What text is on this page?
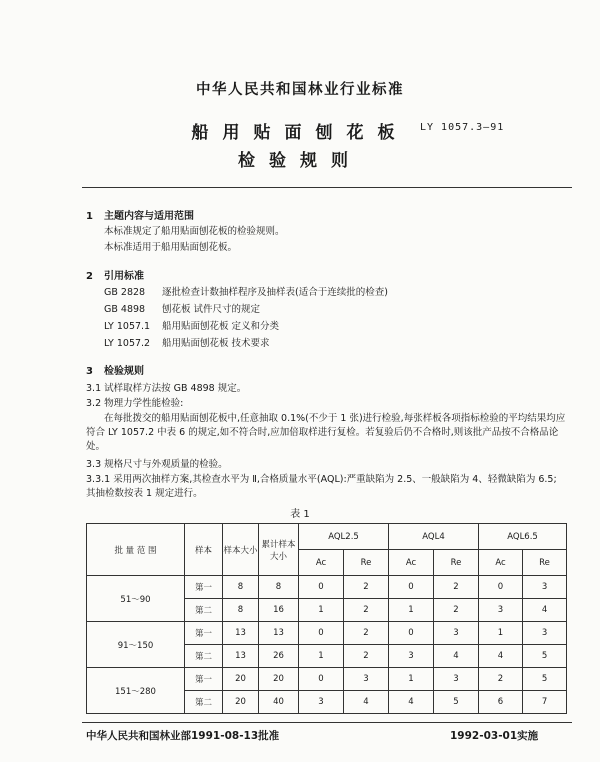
中华人民共和国林业行业标准
LY 1057.3—91
船用贴面刨花板
检验规则
1 主题内容与适用范围
本标准规定了船用贴面刨花板的检验规则。
本标准适用于船用贴面刨花板。
2 引用标准
GB 2828 逐批检查计数抽样程序及抽样表(适合于连续批的检查)
GB 4898 刨花板 试件尺寸的规定
LY 1057.1 船用贴面刨花板 定义和分类
LY 1057.2 船用贴面刨花板 技术要求
3 检验规则
3.1 试样取样方法按 GB 4898 规定。
3.2 物理力学性能检验:
在每批拨交的船用贴面刨花板中,任意抽取 0.1%(不少于 1 张)进行检验,每张样板各项指标检验的平均结果均应符合 LY 1057.2 中表 6 的规定,如不符合时,应加倍取样进行复检。若复验后仍不合格时,则该批产品按不合格品论处。
3.3 规格尺寸与外观质量的检验。
3.3.1 采用两次抽样方案,其检查水平为 Ⅱ,合格质量水平(AQL):严重缺陷为 2.5、一般缺陷为 4、轻微缺陷为 6.5;其抽检数按表 1 规定进行。
表 1
批 量 范 围	样本	样本大小	累计样本大小	AQL2.5		AQL4		AQL6.5	
				Ac	Re	Ac	Re	Ac	Re
51～90	第一	8	8	0	2	0	2	0	3
	第二	8	16	1	2	1	2	3	4
91～150	第一	13	13	0	2	0	3	1	3
	第二	13	26	1	2	3	4	4	5
151～280	第一	20	20	0	3	1	3	2	5
	第二	20	40	3	4	4	5	6	7
中华人民共和国林业部1991-08-13批准	1992-03-01实施
